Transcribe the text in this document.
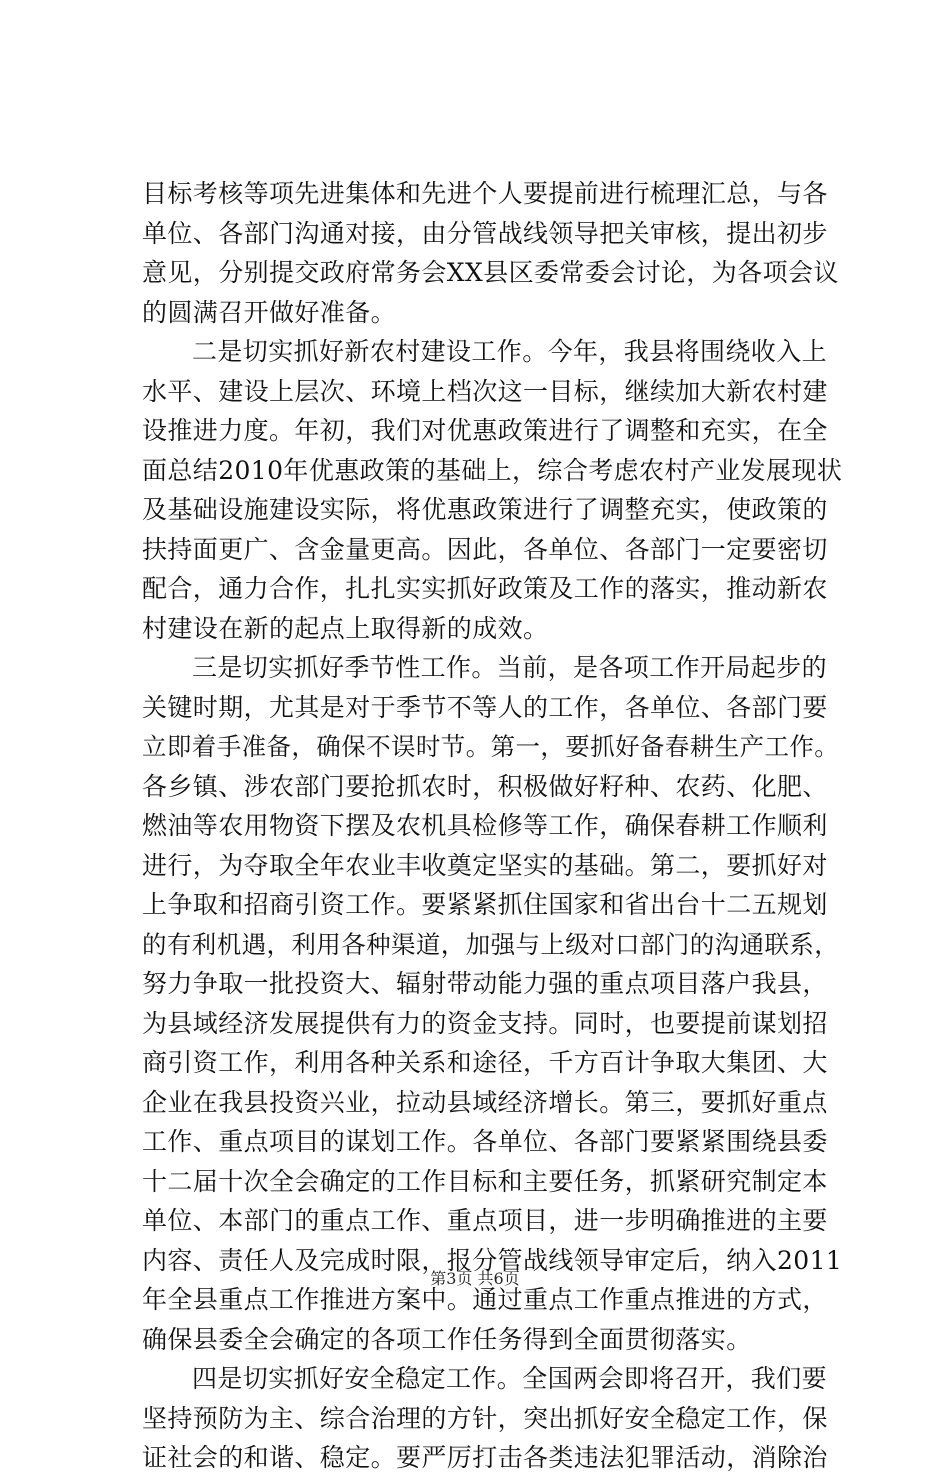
目标考核等项先进集体和先进个人要提前进行梳理汇总，与各
单位、各部门沟通对接，由分管战线领导把关审核，提出初步
意见，分别提交政府常务会XX县区委常委会讨论，为各项会议
的圆满召开做好准备。
二是切实抓好新农村建设工作。今年，我县将围绕收入上
水平、建设上层次、环境上档次这一目标，继续加大新农村建
设推进力度。年初，我们对优惠政策进行了调整和充实，在全
面总结2010年优惠政策的基础上，综合考虑农村产业发展现状
及基础设施建设实际，将优惠政策进行了调整充实，使政策的
扶持面更广、含金量更高。因此，各单位、各部门一定要密切
配合，通力合作，扎扎实实抓好政策及工作的落实，推动新农
村建设在新的起点上取得新的成效。
三是切实抓好季节性工作。当前，是各项工作开局起步的
关键时期，尤其是对于季节不等人的工作，各单位、各部门要
立即着手准备，确保不误时节。第一，要抓好备春耕生产工作。
各乡镇、涉农部门要抢抓农时，积极做好籽种、农药、化肥、
燃油等农用物资下摆及农机具检修等工作，确保春耕工作顺利
进行，为夺取全年农业丰收奠定坚实的基础。第二，要抓好对
上争取和招商引资工作。要紧紧抓住国家和省出台十二五规划
的有利机遇，利用各种渠道，加强与上级对口部门的沟通联系，
努力争取一批投资大、辐射带动能力强的重点项目落户我县，
为县域经济发展提供有力的资金支持。同时，也要提前谋划招
商引资工作，利用各种关系和途径，千方百计争取大集团、大
企业在我县投资兴业，拉动县域经济增长。第三，要抓好重点
工作、重点项目的谋划工作。各单位、各部门要紧紧围绕县委
十二届十次全会确定的工作目标和主要任务，抓紧研究制定本
单位、本部门的重点工作、重点项目，进一步明确推进的主要
内容、责任人及完成时限，报分管战线领导审定后，纳入2011
年全县重点工作推进方案中。通过重点工作重点推进的方式，
确保县委全会确定的各项工作任务得到全面贯彻落实。
四是切实抓好安全稳定工作。全国两会即将召开，我们要
坚持预防为主、综合治理的方针，突出抓好安全稳定工作，保
证社会的和谐、稳定。要严厉打击各类违法犯罪活动，消除治
第3页 共6页
